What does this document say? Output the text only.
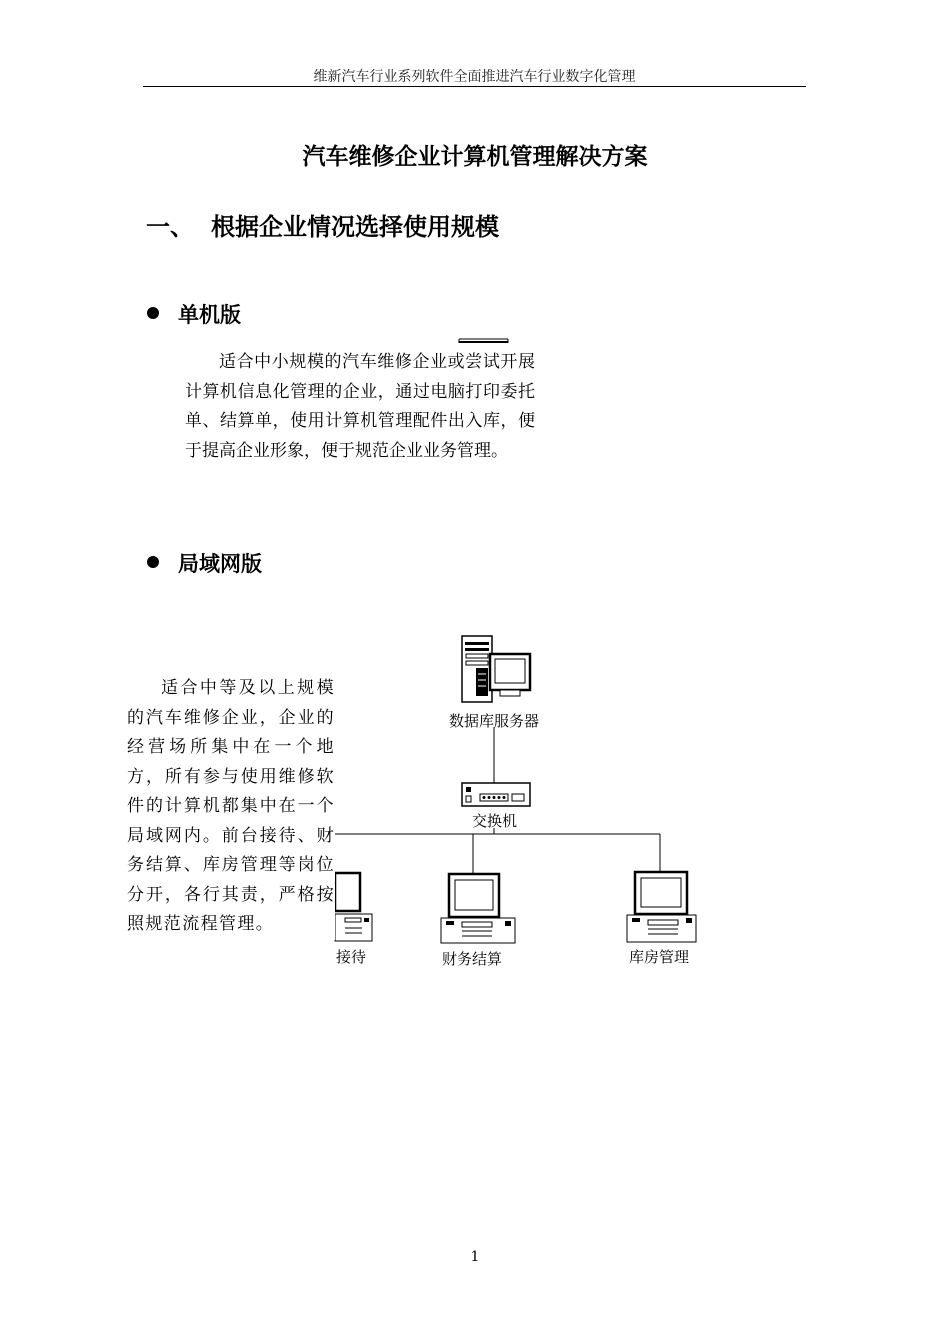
维新汽车行业系列软件全面推进汽车行业数字化管理
汽车维修企业计算机管理解决方案
一、 根据企业情况选择使用规模
单机版
适合中小规模的汽车维修企业或尝试开展计算机信息化管理的企业，通过电脑打印委托单、结算单，使用计算机管理配件出入库，便于提高企业形象，便于规范企业业务管理。
局域网版
数据库服务器
交换机
接待	财务结算	库房管理
适合中等及以上规模的汽车维修企业，企业的经营场所集中在一个地方，所有参与使用维修软件的计算机都集中在一个局域网内。前台接待、财务结算、库房管理等岗位分开，各行其责，严格按照规范流程管理。
1
